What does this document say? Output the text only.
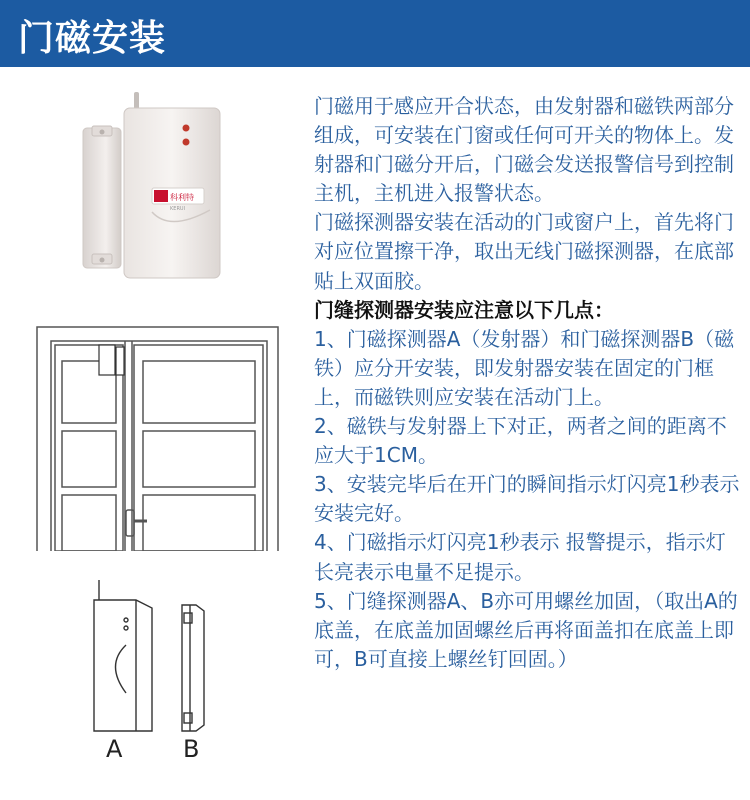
门磁安装
科利特
KERUI
A	B

门磁用于感应开合状态，由发射器和磁铁两部分组成，可安装在门窗或任何可开关的物体上。发射器和门磁分开后，门磁会发送报警信号到控制主机，主机进入报警状态。

门磁探测器安装在活动的门或窗户上，首先将门对应位置擦干净，取出无线门磁探测器，在底部贴上双面胶。

门缝探测器安装应注意以下几点：

1、门磁探测器A（发射器）和门磁探测器B（磁铁）应分开安装，即发射器安装在固定的门框上，而磁铁则应安装在活动门上。

2、磁铁与发射器上下对正，两者之间的距离不应大于1CM。

3、安装完毕后在开门的瞬间指示灯闪亮1秒表示安装完好。

4、门磁指示灯闪亮1秒表示 报警提示，指示灯长亮表示电量不足提示。

5、门缝探测器A、B亦可用螺丝加固，（取出A的底盖，在底盖加固螺丝后再将面盖扣在底盖上即可，B可直接上螺丝钉回固。）
